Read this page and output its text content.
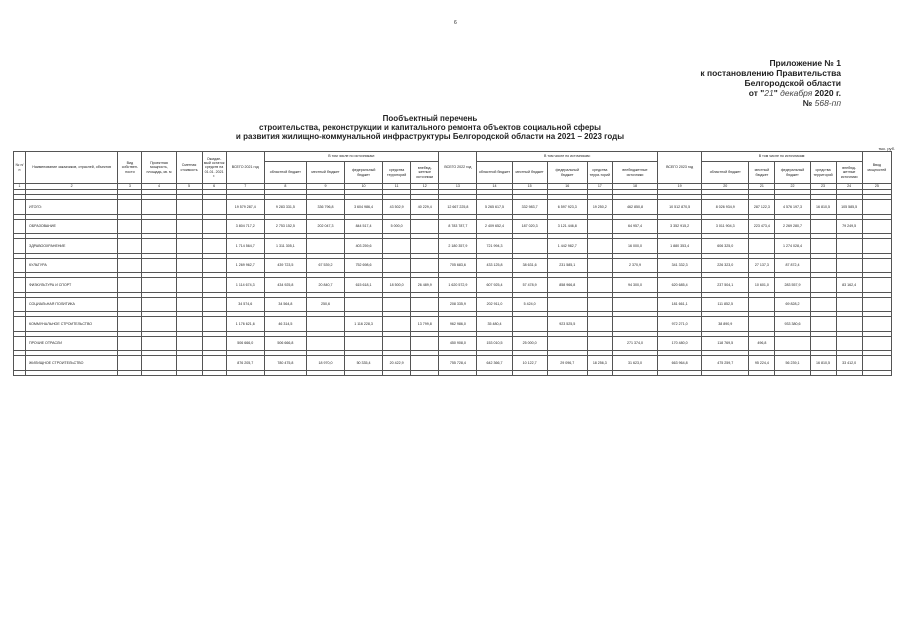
6
Приложение № 1
к постановлению Правительства
Белгородской области
от "21" декабря 2020 г.
№ 568-пп
Пообъектный перечень
строительства, реконструкции и капитального ремонта объектов социальной сферы
и развития жилищно-коммунальной инфраструктуры Белгородской области на 2021 – 2023 годы
тыс. руб.
№ п/п	Наименование заказчиков, отраслей, объектов	Вид собствен-ности	Проектная мощность, площадь, кв. м	Сметная стоимость	Ожидае-мый остаток средств на 01.01. 2021 г.	ВСЕГО 2021 год	В том числе по источникам:					ВСЕГО 2022 год	В том числе по источникам:					ВСЕГО 2023 год	В том числе по источникам:					Ввод мощностей
							областной бюджет	местный бюджет	федеральный бюджет	средства территорий	внебюд-жетные источники		областной бюджет	местный бюджет	федеральный бюджет	средства терри-торий	внебюджетные источники		областной бюджет	местный бюджет	федеральный бюджет	средства территорий	внебюд-жетные источники	
1	2	3	4	5	6	7	8	9	10	11	12	13	14	15	16	17	18	19	20	21	22	23	24	25

	ИТОГО:					19 579 287,4	9 283 331,5	336 796,8	3 604 986,4	43 502,9	40 229,4	12 667 225,8	5 265 617,5	332 983,7	6 597 923,3	19 250,2	462 850,8	10 512 870,5	8 026 934,9	287 122,3	4 576 197,3	16 810,5	105 585,5	

	ОБРАЗОВАНИЕ					3 804 717,2	2 753 152,5	202 047,3	844 517,4	5 000,0		8 783 787,7	2 409 652,4	187 020,3	3 121 446,8		64 957,4	3 352 915,2	3 011 904,3	223 473,4	2 269 280,7		79 249,5	

	ЗДРАВООХРАНЕНИЕ					1 714 564,7	1 311 305,1		403 259,6			2 180 357,9	721 994,3		1 442 982,7		16 000,0	1 880 353,4	606 325,0		1 274 028,4			

	КУЛЬТУРА					1 269 962,7	439 723,5	67 539,2	752 698,6			705 683,6	433 125,8	38 631,6	231 585,1		2 370,9	341 332,3	226 323,0	27 137,3	87 872,4			

	ФИЗКУЛЬТУРА И СПОРТ					1 114 674,3	434 925,8	20 840,7	615 618,1	18 500,0	26 489,9	1 620 572,9	607 925,4	57 478,9	858 966,8		94 300,0	620 685,4	237 504,1	10 601,0	283 557,9		83 162,4	

	СОЦИАЛЬНАЯ ПОЛИТИКА					34 574,6	34 564,8	250,6				208 335,9	202 911,0	5 424,0				181 661,1	111 852,5		69 828,2			

	КОММУНАЛЬНОЕ СТРОИТЕЛЬСТВО					1 176 621,6	46 314,5		1 116 228,3		13 799,8	962 986,0	35 480,4		923 525,5			972 271,0	38 890,9		933 380,6			

	ПРОЧИЕ ОТРАСЛИ					506 666,0	506 666,8					450 908,0	153 010,5	25 000,0			271 374,0	170 480,0	118 769,5	496,8				

	ЖИЛИЩНОЕ СТРОИТЕЛЬСТВО					876 205,7	780 475,8	18 970,0	50 335,4	20 422,9		755 728,4	642 366,7	10 122,7	29 096,7	18 256,3	31 623,0	663 964,8	475 259,7	95 224,4	56 239,1	16 810,5	33 412,0	
